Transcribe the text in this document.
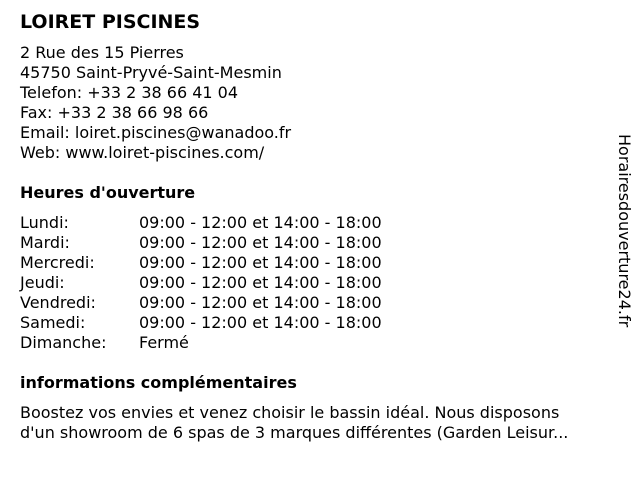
LOIRET PISCINES
2 Rue des 15 Pierres
45750 Saint-Pryvé-Saint-Mesmin
Telefon: +33 2 38 66 41 04
Fax: +33 2 38 66 98 66
Email: loiret.piscines@wanadoo.fr
Web: www.loiret-piscines.com/
Heures d'ouverture
Lundi:	09:00 - 12:00 et 14:00 - 18:00
Mardi:	09:00 - 12:00 et 14:00 - 18:00
Mercredi:	09:00 - 12:00 et 14:00 - 18:00
Jeudi:	09:00 - 12:00 et 14:00 - 18:00
Vendredi:	09:00 - 12:00 et 14:00 - 18:00
Samedi:	09:00 - 12:00 et 14:00 - 18:00
Dimanche: Fermé
informations complémentaires
Boostez vos envies et venez choisir le bassin idéal. Nous disposons
d'un showroom de 6 spas de 3 marques différentes (Garden Leisur...
Horairesdouverture24.fr
